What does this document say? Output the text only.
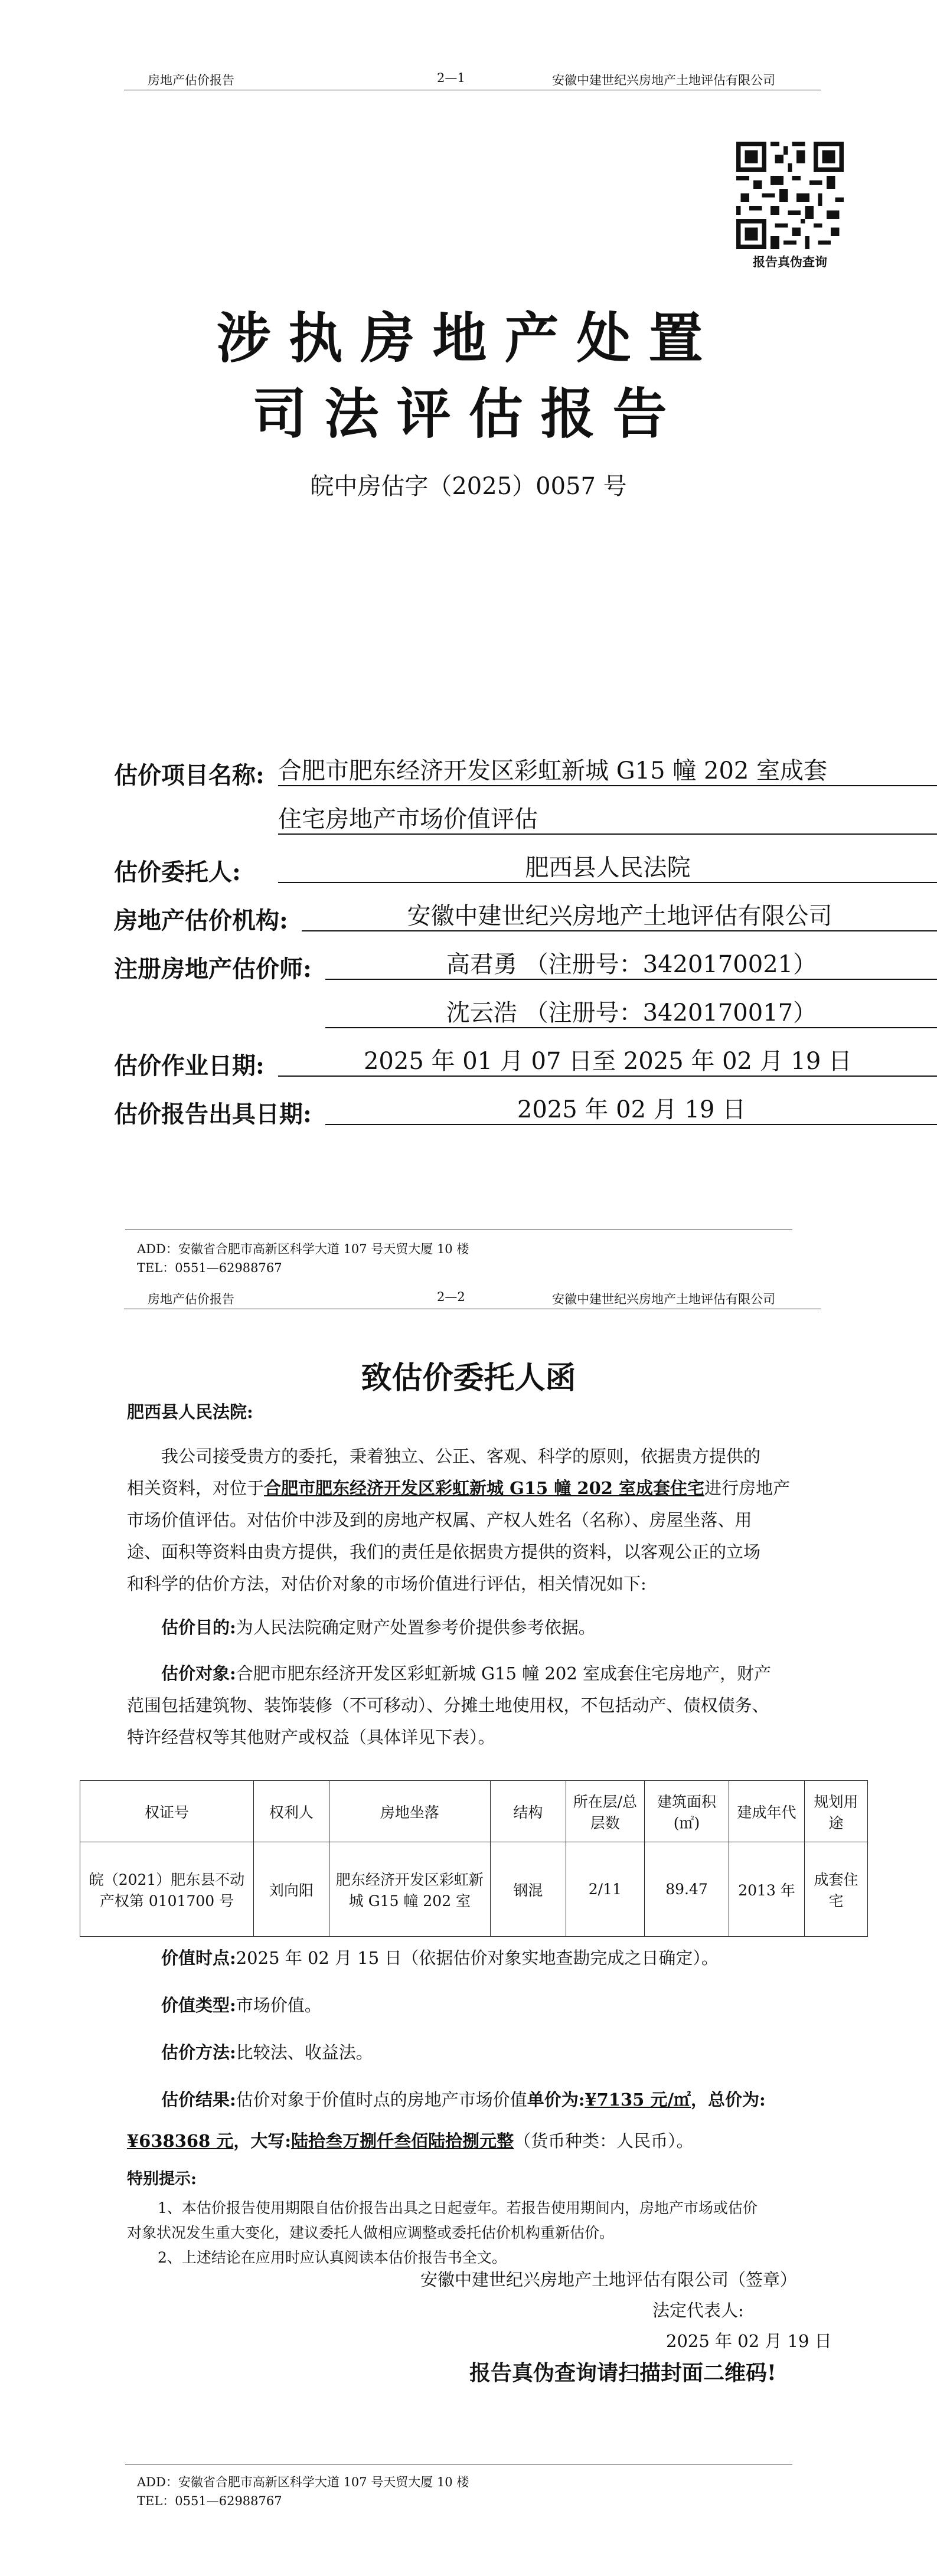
房地产估价报告	2—1	安徽中建世纪兴房地产土地评估有限公司
报告真伪查询
涉执房地产处置
司法评估报告
皖中房估字（2025）0057 号
估价项目名称: 合肥市肥东经济开发区彩虹新城 G15 幢 202 室成套
住宅房地产市场价值评估
估价委托人:	肥西县人民法院
房地产估价机构:	安徽中建世纪兴房地产土地评估有限公司
注册房地产估价师:	高君勇 （注册号：3420170021）
沈云浩 （注册号：3420170017）
估价作业日期:	2025 年 01 月 07 日至 2025 年 02 月 19 日
估价报告出具日期:	2025 年 02 月 19 日
ADD：安徽省合肥市高新区科学大道 107 号天贸大厦 10 楼
TEL：0551—62988767
房地产估价报告	2—2	安徽中建世纪兴房地产土地评估有限公司
致估价委托人函
肥西县人民法院:
我公司接受贵方的委托，秉着独立、公正、客观、科学的原则，依据贵方提供的
相关资料，对位于合肥市肥东经济开发区彩虹新城 G15 幢 202 室成套住宅进行房地产
市场价值评估。对估价中涉及到的房地产权属、产权人姓名（名称）、房屋坐落、用
途、面积等资料由贵方提供，我们的责任是依据贵方提供的资料，以客观公正的立场
和科学的估价方法，对估价对象的市场价值进行评估，相关情况如下:
估价目的:为人民法院确定财产处置参考价提供参考依据。
估价对象:合肥市肥东经济开发区彩虹新城 G15 幢 202 室成套住宅房地产，财产
范围包括建筑物、装饰装修（不可移动）、分摊土地使用权，不包括动产、债权债务、
特许经营权等其他财产或权益（具体详见下表）。
权证号	权利人	房地坐落	结构	所在层/总层数	建筑面积(㎡)	建成年代	规划用途
皖（2021）肥东县不动产权第 0101700 号	刘向阳	肥东经济开发区彩虹新城 G15 幢 202 室	钢混	2/11	89.47	2013 年	成套住宅
价值时点:2025 年 02 月 15 日（依据估价对象实地查勘完成之日确定）。
价值类型:市场价值。
估价方法:比较法、收益法。
估价结果:估价对象于价值时点的房地产市场价值单价为:¥7135 元/㎡，总价为:
¥638368 元，大写:陆拾叁万捌仟叁佰陆拾捌元整（货币种类：人民币）。
特别提示:
1、本估价报告使用期限自估价报告出具之日起壹年。若报告使用期间内，房地产市场或估价
对象状况发生重大变化，建议委托人做相应调整或委托估价机构重新估价。
2、上述结论在应用时应认真阅读本估价报告书全文。
安徽中建世纪兴房地产土地评估有限公司（签章）
法定代表人:
2025 年 02 月 19 日
报告真伪查询请扫描封面二维码!
ADD：安徽省合肥市高新区科学大道 107 号天贸大厦 10 楼
TEL：0551—62988767
